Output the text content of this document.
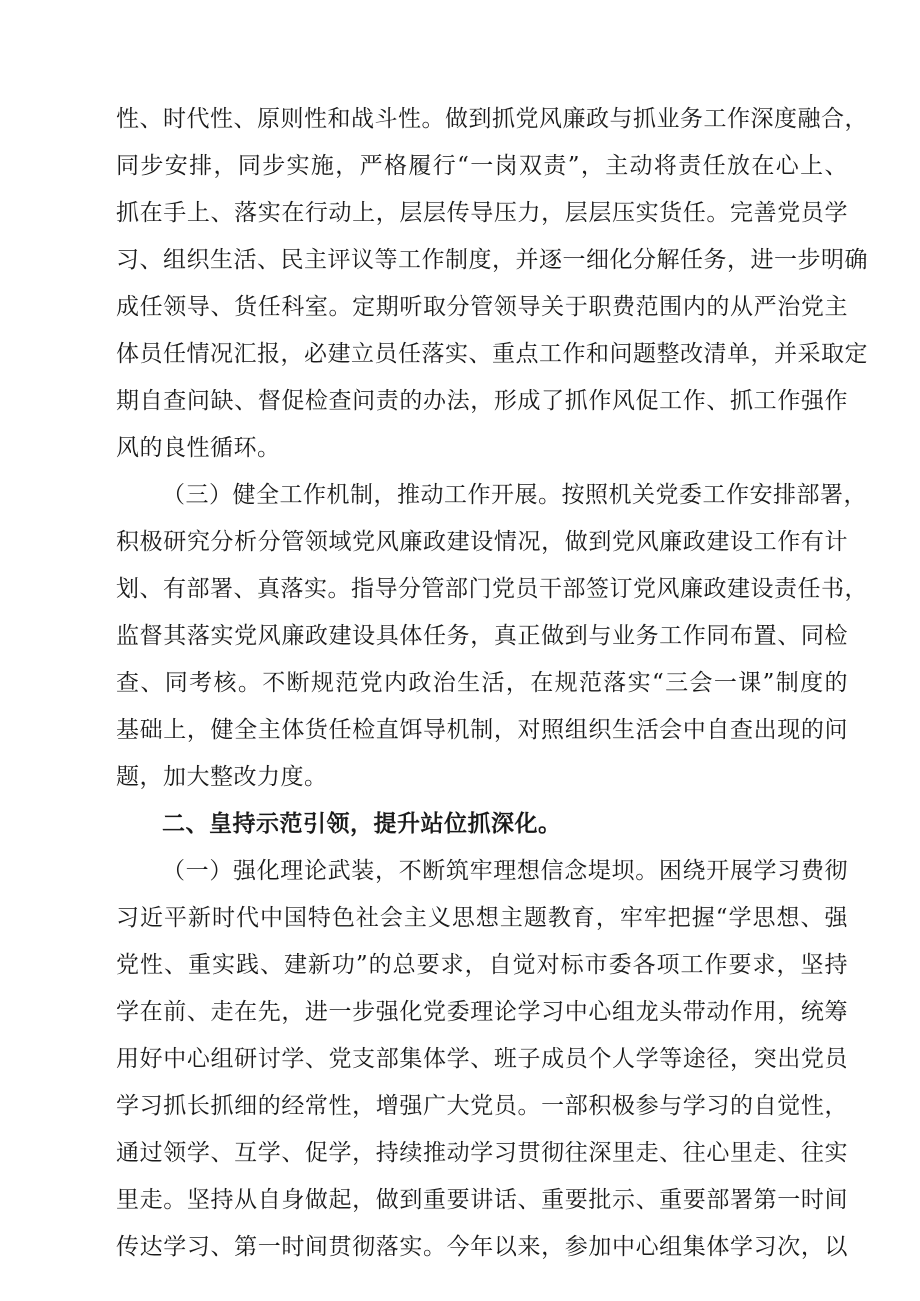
性、时代性、原则性和战斗性。做到抓党风廉政与抓业务工作深度融合，
同步安排，同步实施，严格履行“一岗双责”，主动将责任放在心上、
抓在手上、落实在行动上，层层传导压力，层层压实货任。完善党员学
习、组织生活、民主评议等工作制度，并逐一细化分解任务，进一步明确
成任领导、货任科室。定期听取分管领导关于职费范围内的从严治党主
体员任情况汇报，必建立员任落实、重点工作和问题整改清单，并采取定
期自查问缺、督促检查问责的办法，形成了抓作风促工作、抓工作强作
风的良性循环。
（三）健全工作机制，推动工作开展。按照机关党委工作安排部署，
积极研究分析分管领域党风廉政建设情况，做到党风廉政建设工作有计
划、有部署、真落实。指导分管部门党员干部签订党风廉政建设责任书，
监督其落实党风廉政建设具体任务，真正做到与业务工作同布置、同检
查、同考核。不断规范党内政治生活，在规范落实“三会一课”制度的
基础上，健全主体货任检直饵导机制，对照组织生活会中自查出现的问
题，加大整改力度。
二、皇持示范引领，提升站位抓深化。
（一）强化理论武装，不断筑牢理想信念堤坝。困绕开展学习费彻
习近平新时代中国特色社会主义思想主题教育，牢牢把握“学思想、强
党性、重实践、建新功”的总要求，自觉对标市委各项工作要求，坚持
学在前、走在先，进一步强化党委理论学习中心组龙头带动作用，统筹
用好中心组研讨学、党支部集体学、班子成员个人学等途径，突出党员
学习抓长抓细的经常性，增强广大党员。一部积极参与学习的自觉性，
通过领学、互学、促学，持续推动学习贯彻往深里走、往心里走、往实
里走。坚持从自身做起，做到重要讲话、重要批示、重要部署第一时间
传达学习、第一时间贯彻落实。今年以来，参加中心组集体学习次，以
